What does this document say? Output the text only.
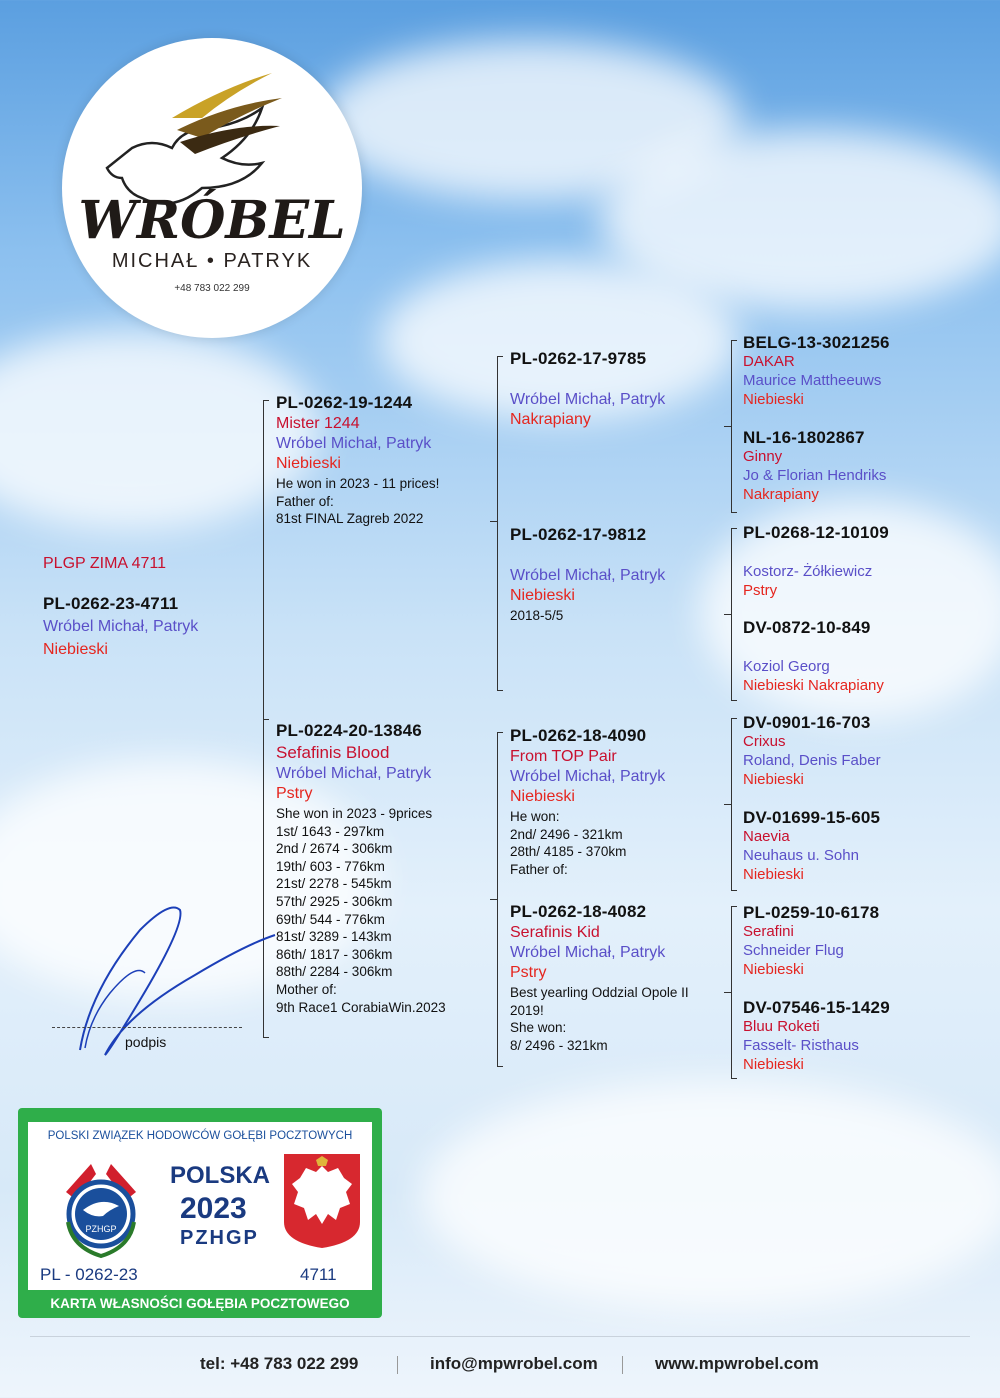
WRÓBEL
MICHAŁ • PATRYK
+48 783 022 299
PLGP ZIMA 4711
PL-0262-23-4711
Wróbel Michał, Patryk
Niebieski
PL-0262-19-1244
Mister 1244
Wróbel Michał, Patryk
Niebieski
He won in 2023 - 11 prices!
Father of:
81st FINAL Zagreb 2022
PL-0224-20-13846
Sefafinis Blood
Wróbel Michał, Patryk
Pstry
She won in 2023 - 9prices
1st/ 1643 - 297km
2nd / 2674 - 306km
19th/ 603 - 776km
21st/ 2278 - 545km
57th/ 2925 - 306km
69th/ 544 - 776km
81st/ 3289 - 143km
86th/ 1817 - 306km
88th/ 2284 - 306km
Mother of:
9th Race1 CorabiaWin.2023
PL-0262-17-9785
Wróbel Michał, Patryk
Nakrapiany
PL-0262-17-9812
Wróbel Michał, Patryk
Niebieski
2018-5/5
PL-0262-18-4090
From TOP Pair
Wróbel Michał, Patryk
Niebieski
He won:
2nd/ 2496 - 321km
28th/ 4185 - 370km
Father of:
PL-0262-18-4082
Serafinis Kid
Wróbel Michał, Patryk
Pstry
Best yearling Oddzial Opole II
2019!
She won:
8/ 2496 - 321km
BELG-13-3021256
DAKAR
Maurice Mattheeuws
Niebieski
NL-16-1802867
Ginny
Jo & Florian Hendriks
Nakrapiany
PL-0268-12-10109
Kostorz- Żółkiewicz
Pstry
DV-0872-10-849
Koziol Georg
Niebieski Nakrapiany
DV-0901-16-703
Crixus
Roland, Denis Faber
Niebieski
DV-01699-15-605
Naevia
Neuhaus u. Sohn
Niebieski
PL-0259-10-6178
Serafini
Schneider Flug
Niebieski
DV-07546-15-1429
Bluu Roketi
Fasselt- Risthaus
Niebieski
podpis
POLSKI ZWIĄZEK HODOWCÓW GOŁĘBI POCZTOWYCH
PZHGP
POLSKA
2023
PZHGP
PL - 0262-23	4711
KARTA WŁASNOŚCI GOŁĘBIA POCZTOWEGO
tel: +48 783 022 299	info@mpwrobel.com	www.mpwrobel.com
